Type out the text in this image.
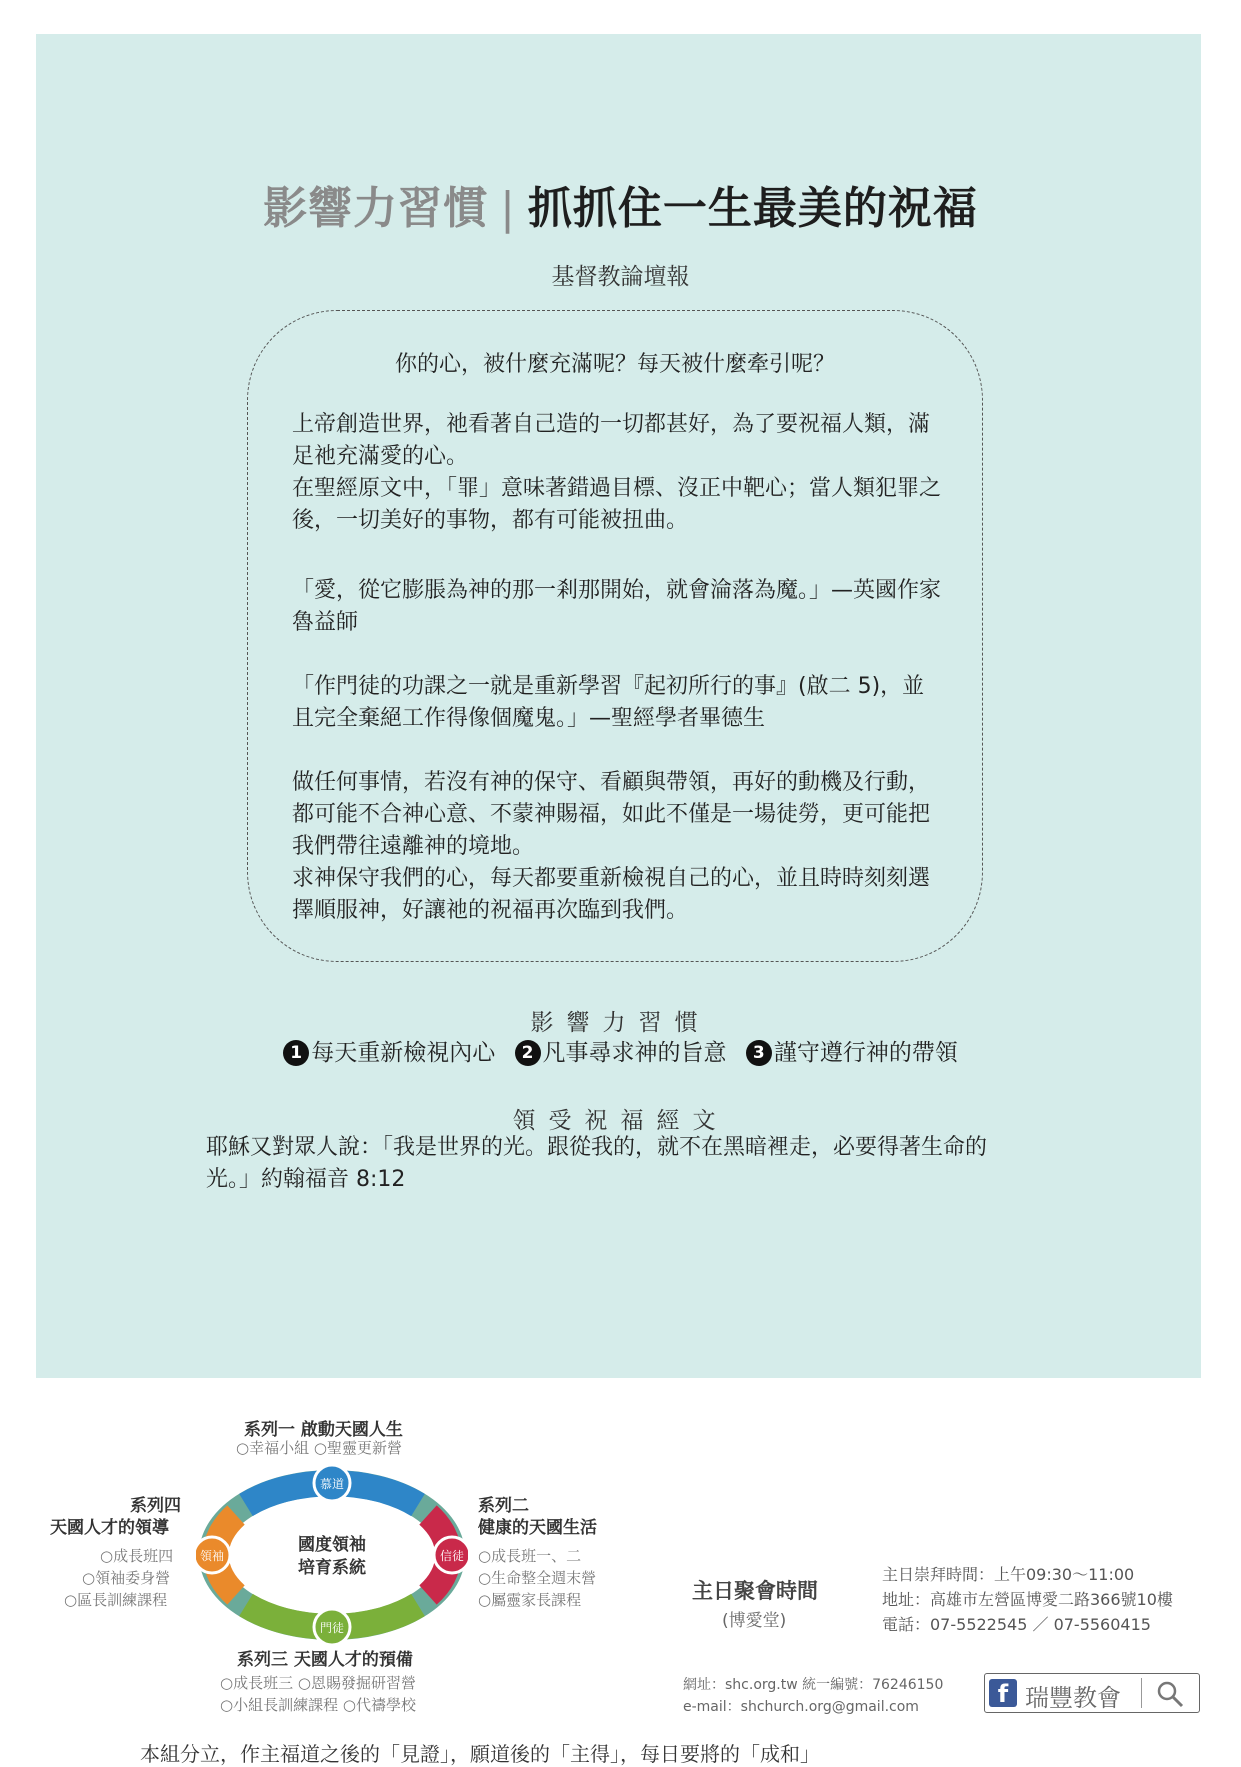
影響力習慣 | 抓抓住一生最美的祝福
基督教論壇報
你的心，被什麼充滿呢？每天被什麼牽引呢？
上帝創造世界，祂看著自己造的一切都甚好，為了要祝福人類，滿足祂充滿愛的心。
在聖經原文中，「罪」意味著錯過目標、沒正中靶心；當人類犯罪之後，一切美好的事物，都有可能被扭曲。
「愛，從它膨脹為神的那一剎那開始，就會淪落為魔。」—英國作家魯益師
「作門徒的功課之一就是重新學習『起初所行的事』(啟二 5)，並且完全棄絕工作得像個魔鬼。」—聖經學者畢德生
做任何事情，若沒有神的保守、看顧與帶領，再好的動機及行動，都可能不合神心意、不蒙神賜福，如此不僅是一場徒勞，更可能把我們帶往遠離神的境地。
求神保守我們的心，每天都要重新檢視自己的心，並且時時刻刻選擇順服神，好讓祂的祝福再次臨到我們。
影響力習慣
1 每天重新檢視內心 2 凡事尋求神的旨意 3 謹守遵行神的帶領
領受祝福經文
耶穌又對眾人說：「我是世界的光。跟從我的，就不在黑暗裡走，必要得著生命的光。」約翰福音 8:12
系列一 啟動天國人生
○幸福小組 ○聖靈更新營
系列四
天國人才的領導
○成長班四
○領袖委身營
○區長訓練課程
系列二
健康的天國生活
○成長班一、二
○生命整全週末營
○屬靈家長課程
系列三 天國人才的預備
○成長班三 ○恩賜發掘研習營
○小組長訓練課程 ○代禱學校
慕道
信徒
門徒
領袖
國度領袖
培育系統
主日聚會時間
(博愛堂)
主日崇拜時間：上午09:30～11:00
地址：高雄市左營區博愛二路366號10樓
電話：07-5522545 ／ 07-5560415
網址：shc.org.tw 統一編號：76246150
e-mail：shchurch.org@gmail.com	f 瑞豐教會
本組分立，作主福道之後的「見證」，願道後的「主得」，每日要將的「成和」
